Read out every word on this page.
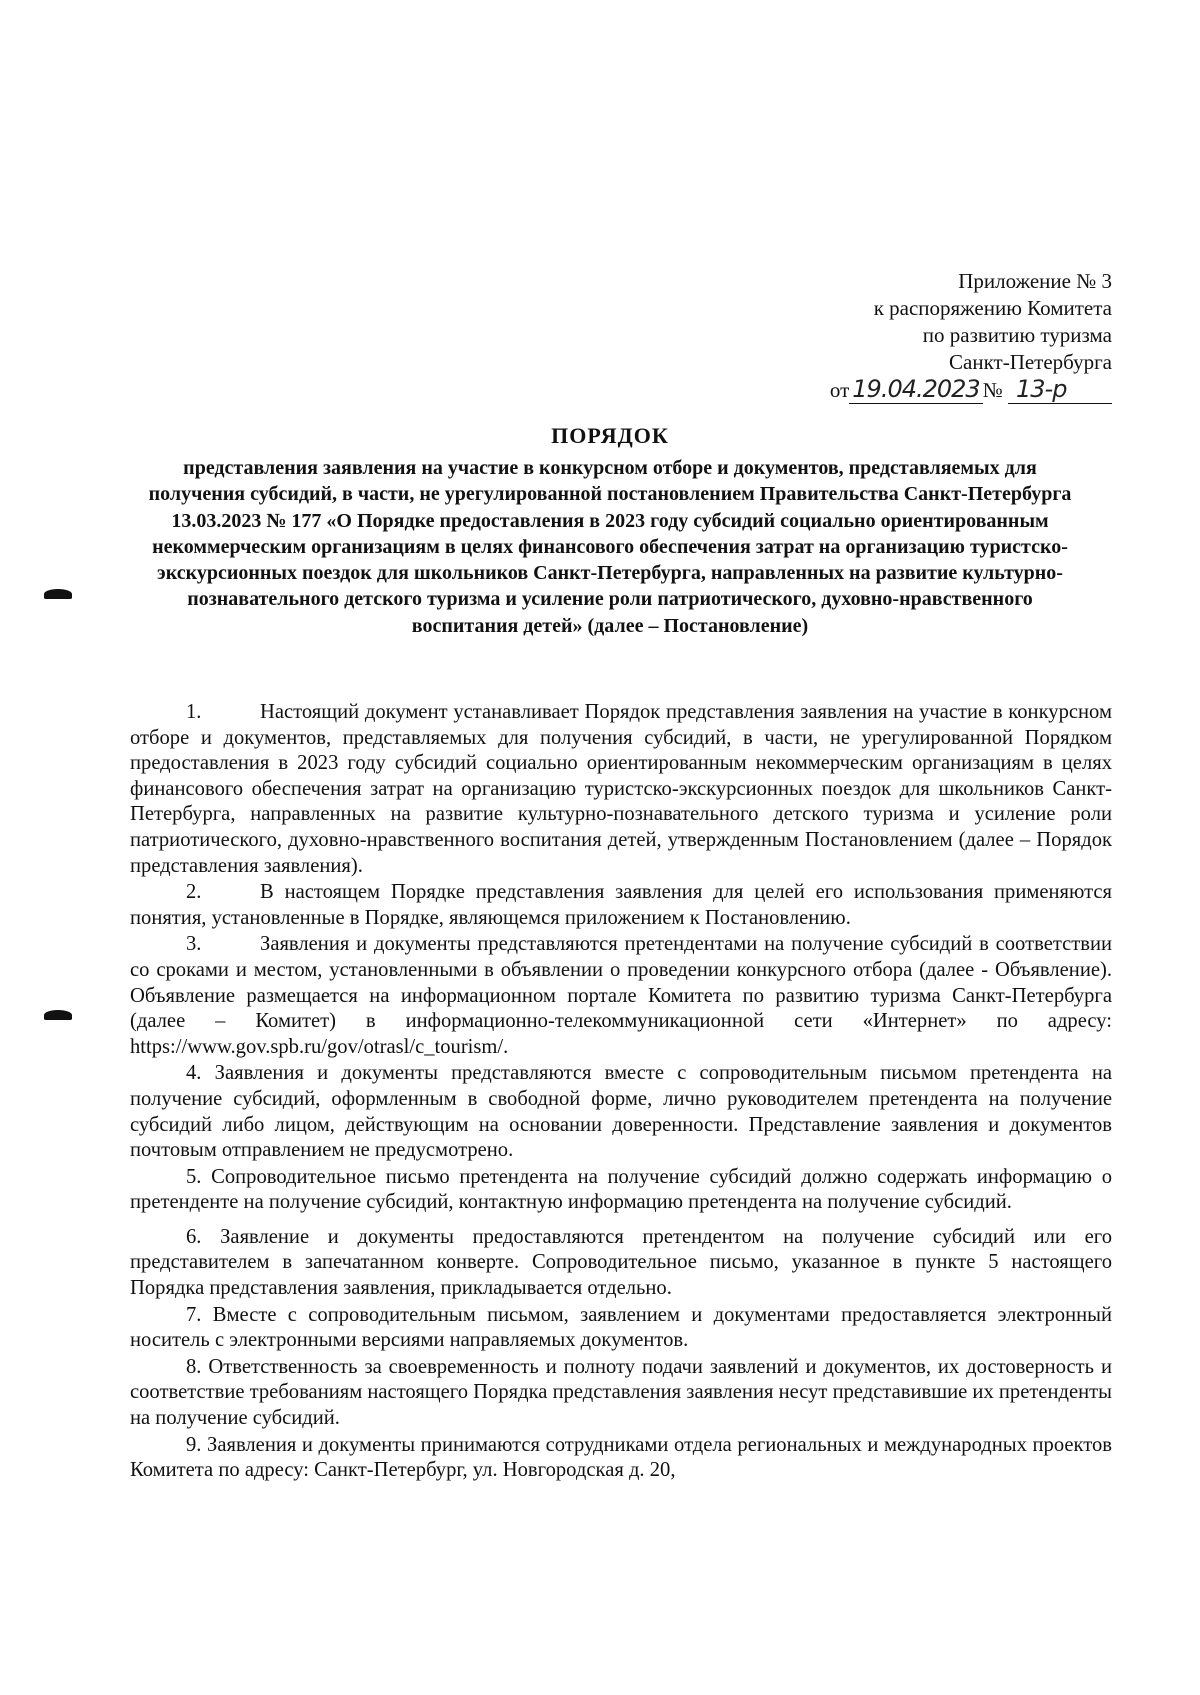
Приложение № 3
к распоряжению Комитета
по развитию туризма
Санкт-Петербурга
от 19.04.2023 № 13-р
ПОРЯДОК
представления заявления на участие в конкурсном отборе и документов, представляемых для получения субсидий, в части, не урегулированной постановлением Правительства Санкт-Петербурга 13.03.2023 № 177 «О Порядке предоставления в 2023 году субсидий социально ориентированным некоммерческим организациям в целях финансового обеспечения затрат на организацию туристско-экскурсионных поездок для школьников Санкт-Петербурга, направленных на развитие культурно-познавательного детского туризма и усиление роли патриотического, духовно-нравственного воспитания детей» (далее – Постановление)

1.	Настоящий документ устанавливает Порядок представления заявления на участие в конкурсном отборе и документов, представляемых для получения субсидий, в части, не урегулированной Порядком предоставления в 2023 году субсидий социально ориентированным некоммерческим организациям в целях финансового обеспечения затрат на организацию туристско-экскурсионных поездок для школьников Санкт-Петербурга, направленных на развитие культурно-познавательного детского туризма и усиление роли патриотического, духовно-нравственного воспитания детей, утвержденным Постановлением (далее – Порядок представления заявления).

2.	В настоящем Порядке представления заявления для целей его использования применяются понятия, установленные в Порядке, являющемся приложением к Постановлению.

3.	Заявления и документы представляются претендентами на получение субсидий в соответствии со сроками и местом, установленными в объявлении о проведении конкурсного отбора (далее - Объявление). Объявление размещается на информационном портале Комитета по развитию туризма Санкт-Петербурга (далее – Комитет) в информационно-телекоммуникационной сети «Интернет» по адресу: https://www.gov.spb.ru/gov/otrasl/c_tourism/.

4. Заявления и документы представляются вместе с сопроводительным письмом претендента на получение субсидий, оформленным в свободной форме, лично руководителем претендента на получение субсидий либо лицом, действующим на основании доверенности. Представление заявления и документов почтовым отправлением не предусмотрено.

5. Сопроводительное письмо претендента на получение субсидий должно содержать информацию о претенденте на получение субсидий, контактную информацию претендента на получение субсидий.

6. Заявление и документы предоставляются претендентом на получение субсидий или его представителем в запечатанном конверте. Сопроводительное письмо, указанное в пункте 5 настоящего Порядка представления заявления, прикладывается отдельно.

7. Вместе с сопроводительным письмом, заявлением и документами предоставляется электронный носитель с электронными версиями направляемых документов.

8. Ответственность за своевременность и полноту подачи заявлений и документов, их достоверность и соответствие требованиям настоящего Порядка представления заявления несут представившие их претенденты на получение субсидий.

9. Заявления и документы принимаются сотрудниками отдела региональных и международных проектов Комитета по адресу: Санкт-Петербург, ул. Новгородская д. 20,
